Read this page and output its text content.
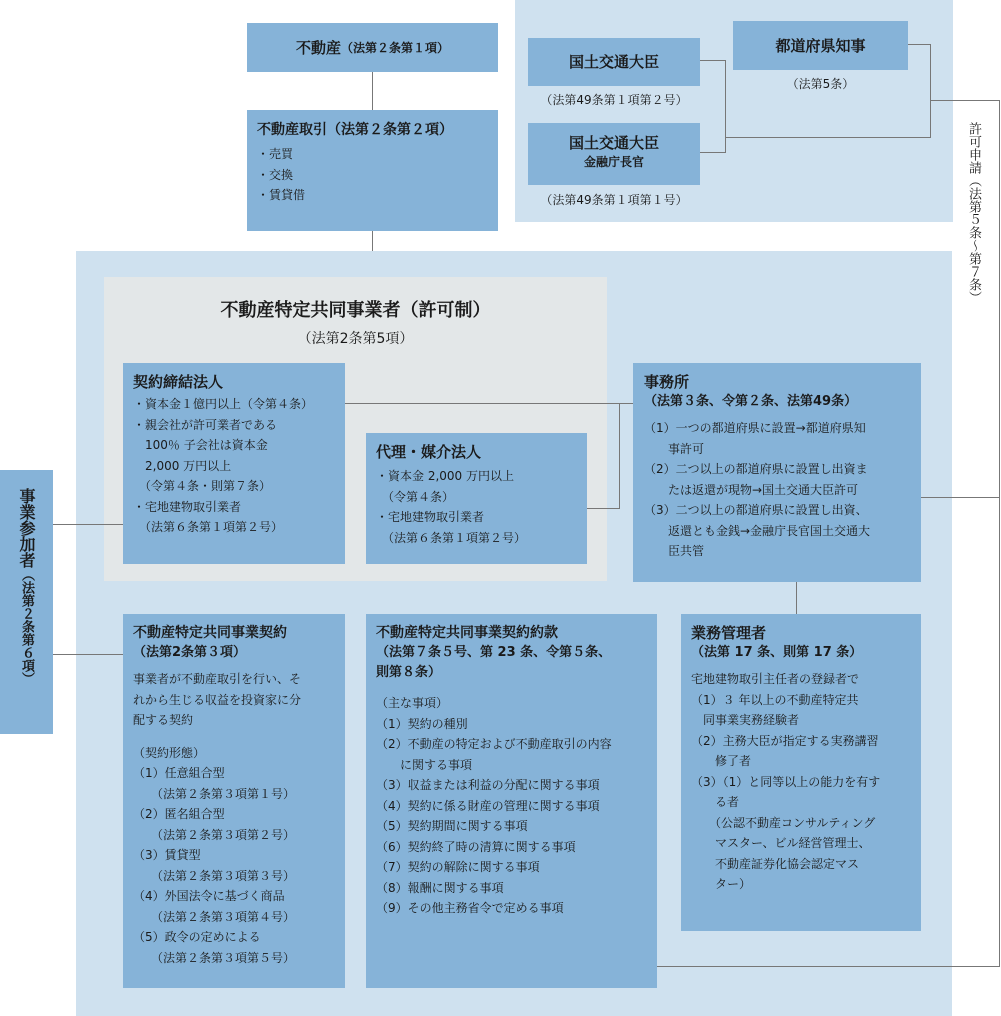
不動産 （法第２条第１項）
不動産取引（法第２条第２項）
・売買
・交換
・賃貸借
国土交通大臣
（法第49条第１項第２号）
国土交通大臣
金融庁長官
（法第49条第１項第１号）
都道府県知事
（法第5条）
許可申請（法第５条〜第７条）
事業参加者（法第２条第６項）
不動産特定共同事業者（許可制）
（法第2条第5項）
契約締結法人
・資本金１億円以上（令第４条）
・親会社が許可業者である
　100％ 子会社は資本金
　2,000 万円以上
　（令第４条・則第７条）
・宅地建物取引業者
　（法第６条第１項第２号）
代理・媒介法人
・資本金 2,000 万円以上
　（令第４条）
・宅地建物取引業者
　（法第６条第１項第２号）
事務所
（法第３条、令第２条、法第49条）
（1）一つの都道府県に設置→都道府県知
　　事許可
（2）二つ以上の都道府県に設置し出資ま
　　たは返還が現物→国土交通大臣許可
（3）二つ以上の都道府県に設置し出資、
　　返還とも金銭→金融庁長官国土交通大
　　臣共管
不動産特定共同事業契約
（法第2条第３項）
事業者が不動産取引を行い、そ
れから生じる収益を投資家に分
配する契約
（契約形態）
（1）任意組合型
　　（法第２条第３項第１号）
（2）匿名組合型
　　（法第２条第３項第２号）
（3）賃貸型
　　（法第２条第３項第３号）
（4）外国法令に基づく商品
　　（法第２条第３項第４号）
（5）政令の定めによる
　　（法第２条第３項第５号）
不動産特定共同事業契約約款
（法第７条５号、第 23 条、令第５条、
則第８条）
（主な事項）
（1）契約の種別
（2）不動産の特定および不動産取引の内容
　　に関する事項
（3）収益または利益の分配に関する事項
（4）契約に係る財産の管理に関する事項
（5）契約期間に関する事項
（6）契約終了時の清算に関する事項
（7）契約の解除に関する事項
（8）報酬に関する事項
（9）その他主務省令で定める事項
業務管理者
（法第 17 条、則第 17 条）
宅地建物取引主任者の登録者で
（1）３ 年以上の不動産特定共
　同事業実務経験者
（2）主務大臣が指定する実務講習
　　修了者
（3）（1）と同等以上の能力を有す
　　る者
　　（公認不動産コンサルティング
　　マスター、ビル経営管理士、
　　不動産証券化協会認定マス
　　ター）
